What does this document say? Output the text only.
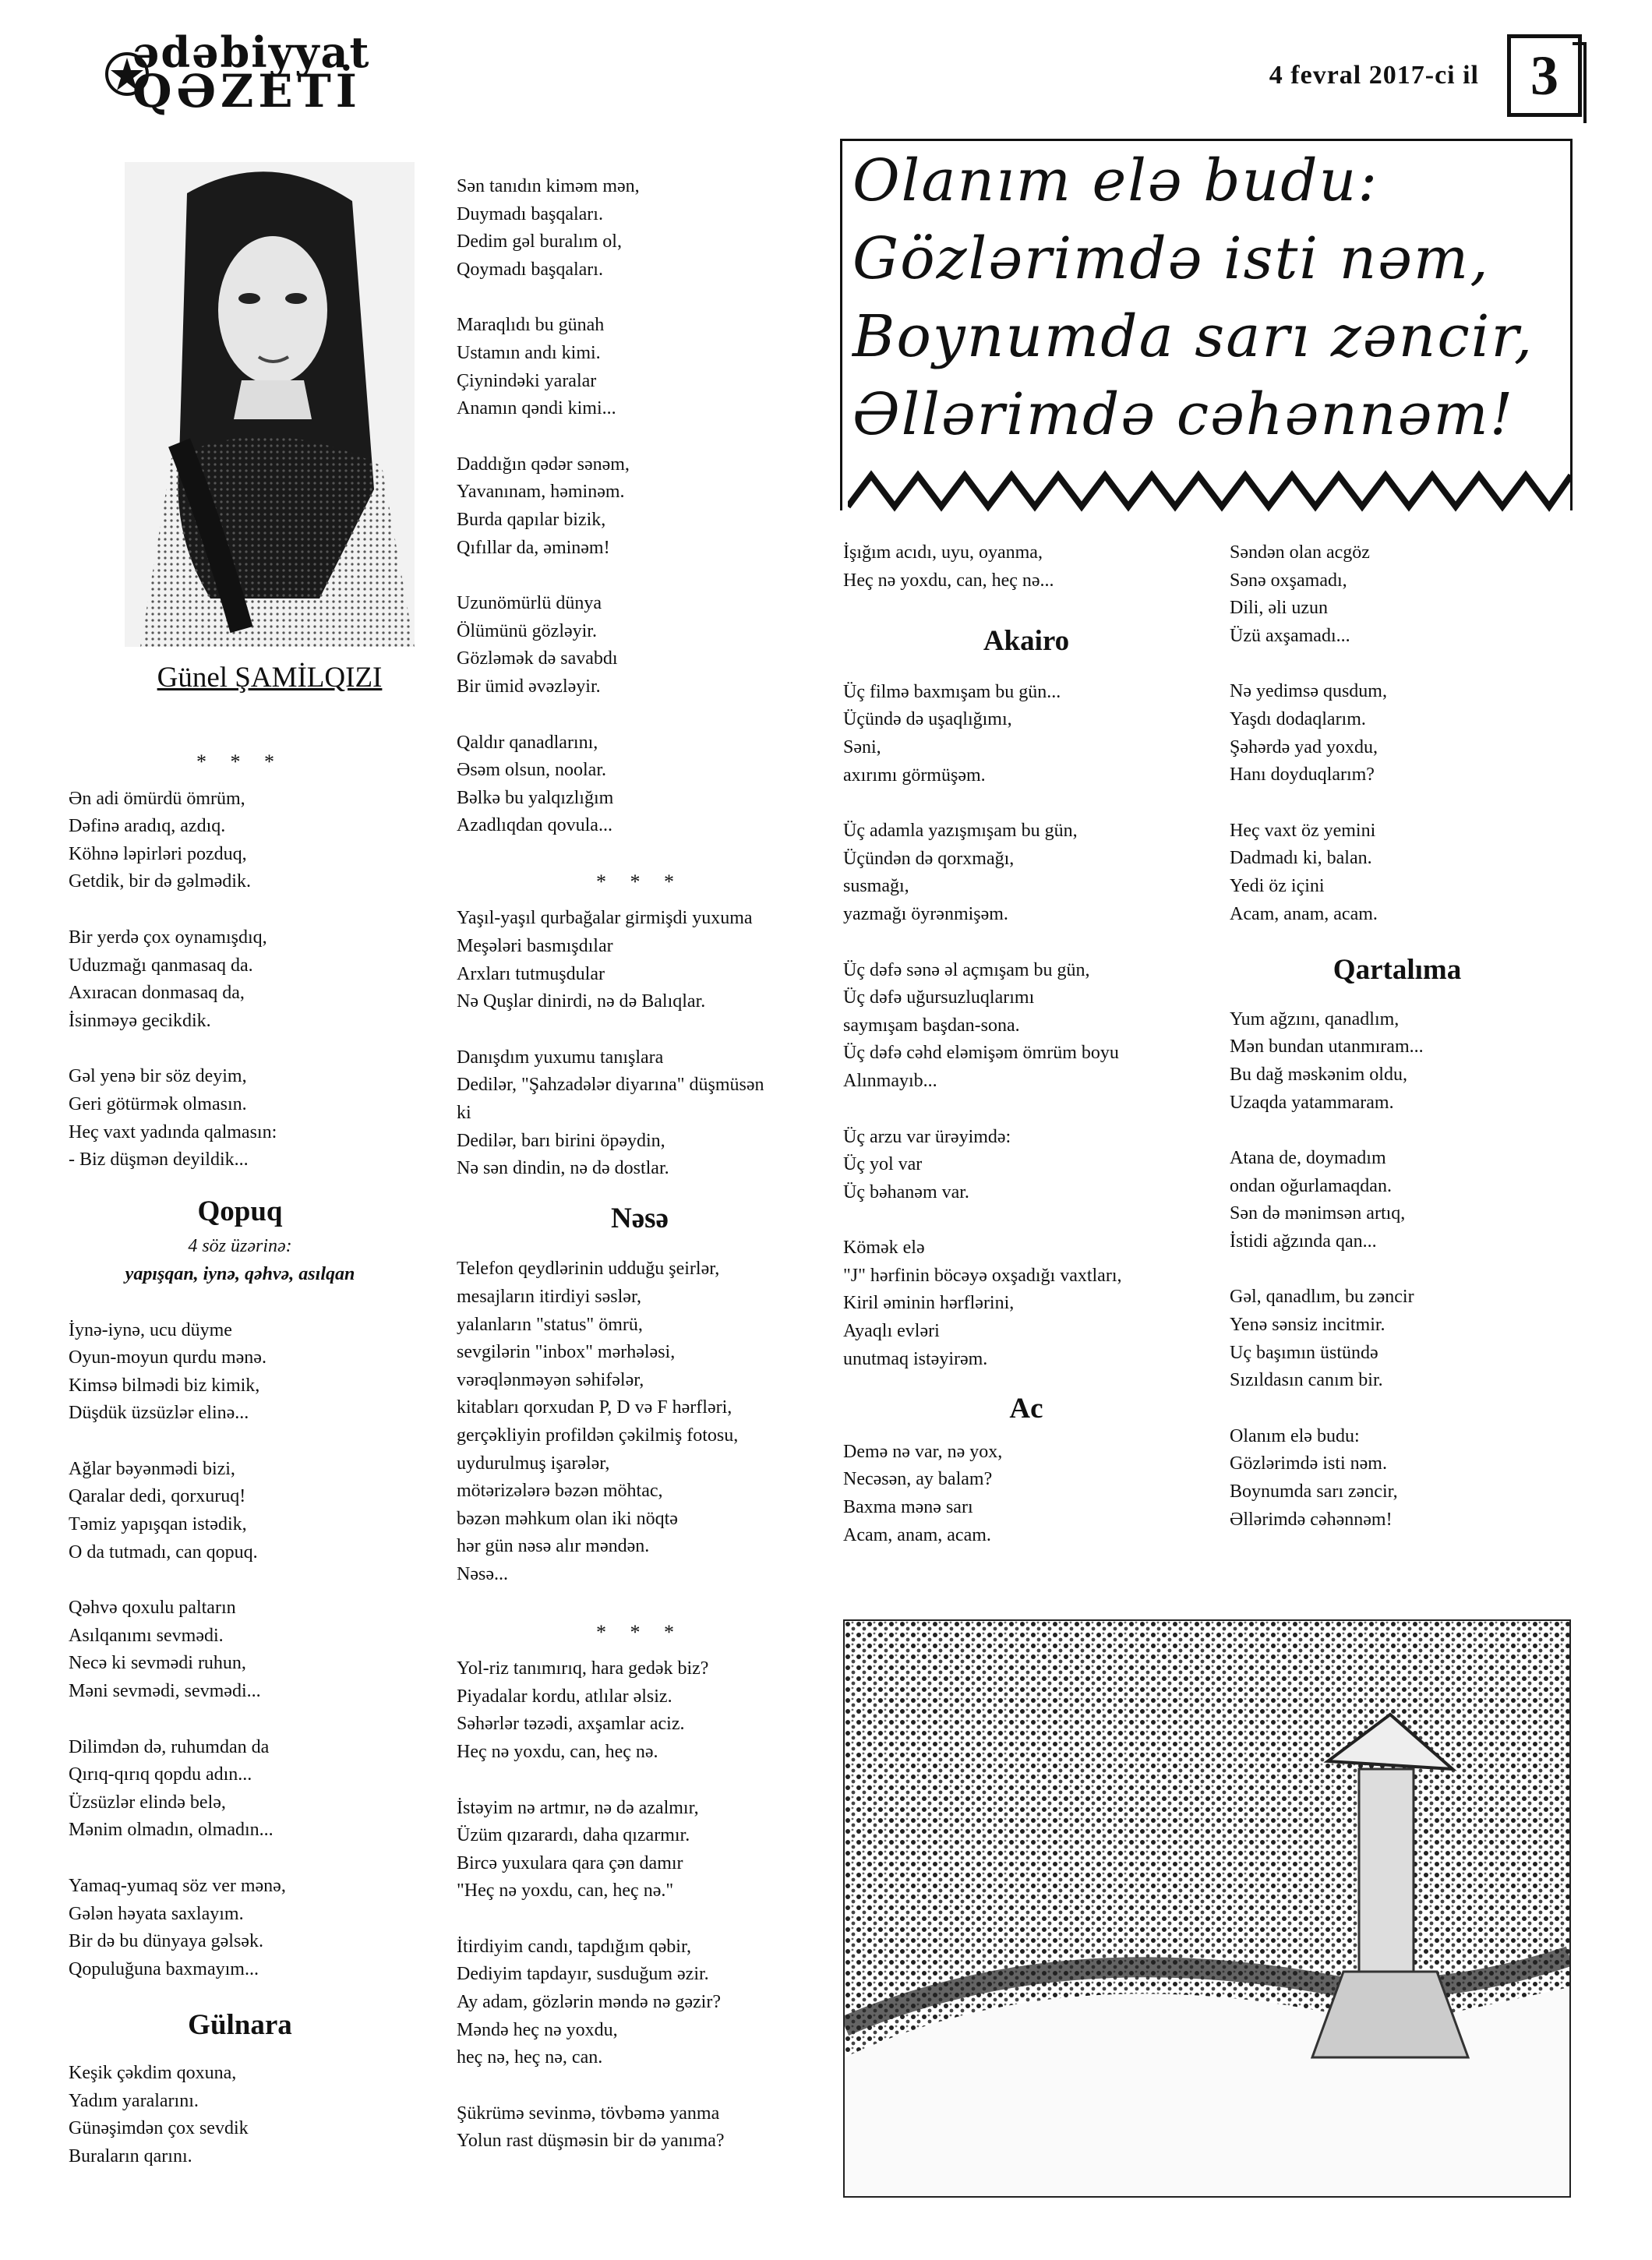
ədəbiyyat
QƏZETİ	4 fevral 2017-ci il 3
Günel ŞAMİLQIZI
* * *

Ən adi ömürdü ömrüm,
Dəfinə aradıq, azdıq.
Köhnə ləpirləri pozduq,
Getdik, bir də gəlmədik.

Bir yerdə çox oynamışdıq,
Uduzmağı qanmasaq da.
Axıracan donmasaq da,
İsinməyə gecikdik.

Gəl yenə bir söz deyim,
Geri götürmək olmasın.
Heç vaxt yadında qalmasın:
- Biz düşmən deyildik...

Qopuq
4 söz üzərinə:
yapışqan, iynə, qəhvə, asılqan

İynə-iynə, ucu düyme
Oyun-moyun qurdu mənə.
Kimsə bilmədi biz kimik,
Düşdük üzsüzlər elinə...

Ağlar bəyənmədi bizi,
Qaralar dedi, qorxuruq!
Təmiz yapışqan istədik,
O da tutmadı, can qopuq.

Qəhvə qoxulu paltarın
Asılqanımı sevmədi.
Necə ki sevmədi ruhun,
Məni sevmədi, sevmədi...

Dilimdən də, ruhumdan da
Qırıq-qırıq qopdu adın...
Üzsüzlər elində belə,
Mənim olmadın, olmadın...

Yamaq-yumaq söz ver mənə,
Gələn həyata saxlayım.
Bir də bu dünyaya gəlsək.
Qopuluğuna baxmayım...

Gülnara

Keşik çəkdim qoxuna,
Yadım yaralarını.
Günəşimdən çox sevdik
Buraların qarını.

Sən tanıdın kiməm mən,
Duymadı başqaları.
Dedim gəl buralım ol,
Qoymadı başqaları.

Maraqlıdı bu günah
Ustamın andı kimi.
Çiynindəki yaralar
Anamın qəndi kimi...

Daddığın qədər sənəm,
Yavanınam, həminəm.
Burda qapılar bizik,
Qıfıllar da, əminəm!

Uzunömürlü dünya
Ölümünü gözləyir.
Gözləmək də savabdı
Bir ümid əvəzləyir.

Qaldır qanadlarını,
Əsəm olsun, noolar.
Bəlkə bu yalqızlığım
Azadlıqdan qovula...

* * *

Yaşıl-yaşıl qurbağalar girmişdi yuxuma
Meşələri basmışdılar
Arxları tutmuşdular
Nə Quşlar dinirdi, nə də Balıqlar.

Danışdım yuxumu tanışlara
Dedilər, "Şahzadələr diyarına" düşmüsən
ki
Dedilər, barı birini öpəydin,
Nə sən dindin, nə də dostlar.

Nəsə

Telefon qeydlərinin udduğu şeirlər,
mesajların itirdiyi səslər,
yalanların "status" ömrü,
sevgilərin "inbox" mərhələsi,
vərəqlənməyən səhifələr,
kitabları qorxudan P, D və F hərfləri,
gerçəkliyin profildən çəkilmiş fotosu,
uydurulmuş işarələr,
mötərizələrə bəzən möhtac,
bəzən məhkum olan iki nöqtə
hər gün nəsə alır məndən.
Nəsə...

* * *

Yol-riz tanımırıq, hara gedək biz?
Piyadalar kordu, atlılar əlsiz.
Səhərlər təzədi, axşamlar aciz.
Heç nə yoxdu, can, heç nə.

İstəyim nə artmır, nə də azalmır,
Üzüm qızarardı, daha qızarmır.
Bircə yuxulara qara çən damır
"Heç nə yoxdu, can, heç nə."

İtirdiyim candı, tapdığım qəbir,
Dediyim tapdayır, susduğum əzir.
Ay adam, gözlərin məndə nə gəzir?
Məndə heç nə yoxdu,
heç nə, heç nə, can.

Şükrümə sevinmə, tövbəmə yanma
Yolun rast düşməsin bir də yanıma?

Olanım elə budu:
Gözlərimdə isti nəm,
Boynumda sarı zəncir,
Əllərimdə cəhənnəm!

İşığım acıdı, uyu, oyanma,
Heç nə yoxdu, can, heç nə...

Akairo

Üç filmə baxmışam bu gün...
Üçündə də uşaqlığımı,
Səni,
axırımı görmüşəm.

Üç adamla yazışmışam bu gün,
Üçündən də qorxmağı,
susmağı,
yazmağı öyrənmişəm.

Üç dəfə sənə əl açmışam bu gün,
Üç dəfə uğursuzluqlarımı
saymışam başdan-sona.
Üç dəfə cəhd eləmişəm ömrüm boyu
Alınmayıb...

Üç arzu var ürəyimdə:
Üç yol var
Üç bəhanəm var.

Kömək elə
"J" hərfinin böcəyə oxşadığı vaxtları,
Kiril əminin hərflərini,
Ayaqlı evləri
unutmaq istəyirəm.

Ac

Demə nə var, nə yox,
Necəsən, ay balam?
Baxma mənə sarı
Acam, anam, acam.

Səndən olan acgöz
Sənə oxşamadı,
Dili, əli uzun
Üzü axşamadı...

Nə yedimsə qusdum,
Yaşdı dodaqlarım.
Şəhərdə yad yoxdu,
Hanı doyduqlarım?

Heç vaxt öz yemini
Dadmadı ki, balan.
Yedi öz içini
Acam, anam, acam.

Qartalıma

Yum ağzını, qanadlım,
Mən bundan utanmıram...
Bu dağ məskənim oldu,
Uzaqda yatammaram.

Atana de, doymadım
ondan oğurlamaqdan.
Sən də mənimsən artıq,
İstidi ağzında qan...

Gəl, qanadlım, bu zəncir
Yenə sənsiz incitmir.
Uç başımın üstündə
Sızıldasın canım bir.

Olanım elə budu:
Gözlərimdə isti nəm.
Boynumda sarı zəncir,
Əllərimdə cəhənnəm!
